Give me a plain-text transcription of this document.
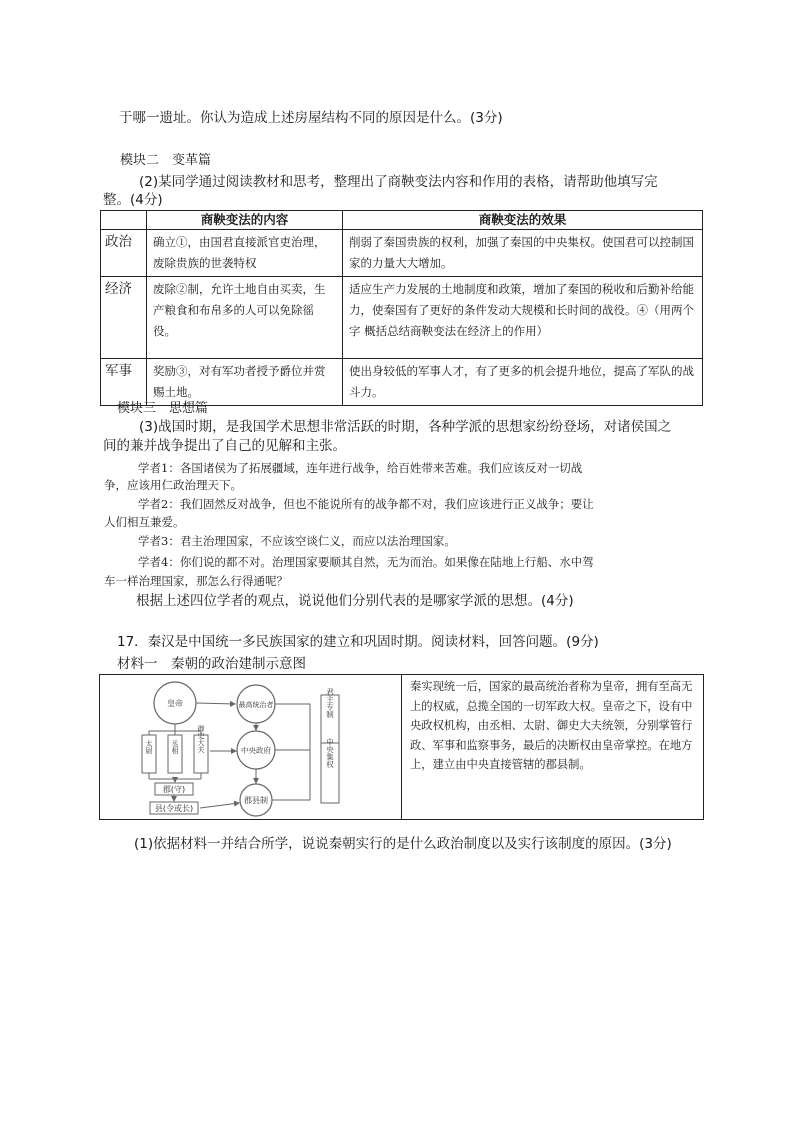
于哪一遗址。你认为造成上述房屋结构不同的原因是什么。(3分)
模块二　变革篇
(2)某同学通过阅读教材和思考，整理出了商鞅变法内容和作用的表格，请帮助他填写完
整。(4分)
	商鞅变法的内容	商鞅变法的效果
政治	确立①，由国君直接派官吏治理，废除贵族的世袭特权	削弱了秦国贵族的权利，加强了秦国的中央集权。使国君可以控制国家的力量大大增加。
经济	废除②制，允许土地自由买卖，生产粮食和布帛多的人可以免除徭役。	适应生产力发展的土地制度和政策，增加了秦国的税收和后勤补给能力，使秦国有了更好的条件发动大规模和长时间的战役。④（用两个字 概括总结商鞅变法在经济上的作用）
军事	奖励③，对有军功者授予爵位并赏赐土地。	使出身较低的军事人才，有了更多的机会提升地位，提高了军队的战斗力。
模块三　思想篇
(3)战国时期，是我国学术思想非常活跃的时期，各种学派的思想家纷纷登场，对诸侯国之
间的兼并战争提出了自己的见解和主张。
学者1：各国诸侯为了拓展疆域，连年进行战争，给百姓带来苦难。我们应该反对一切战
争，应该用仁政治理天下。
学者2：我们固然反对战争，但也不能说所有的战争都不对，我们应该进行正义战争；要让
人们相互兼爱。
学者3：君主治理国家，不应该空谈仁义，而应以法治理国家。
学者4：你们说的都不对。治理国家要顺其自然，无为而治。如果像在陆地上行船、水中驾
车一样治理国家，那怎么行得通呢？
根据上述四位学者的观点，说说他们分别代表的是哪家学派的思想。(4分)
17．秦汉是中国统一多民族国家的建立和巩固时期。阅读材料，回答问题。(9分)
材料一　秦朝的政治建制示意图
皇帝	最高统治者
太尉	丞相	御史大夫
郡(守)
县(令或长)
中央政府
郡县制
君主专制
中央集权
秦实现统一后，国家的最高统治者称为皇帝，拥有至高无上的权威，总揽全国的一切军政大权。皇帝之下，设有中央政权机构，由丞相、太尉、御史大夫统领，分别掌管行政、军事和监察事务，最后的决断权由皇帝掌控。在地方上，建立由中央直接管辖的郡县制。
(1)依据材料一并结合所学，说说秦朝实行的是什么政治制度以及实行该制度的原因。(3分)
